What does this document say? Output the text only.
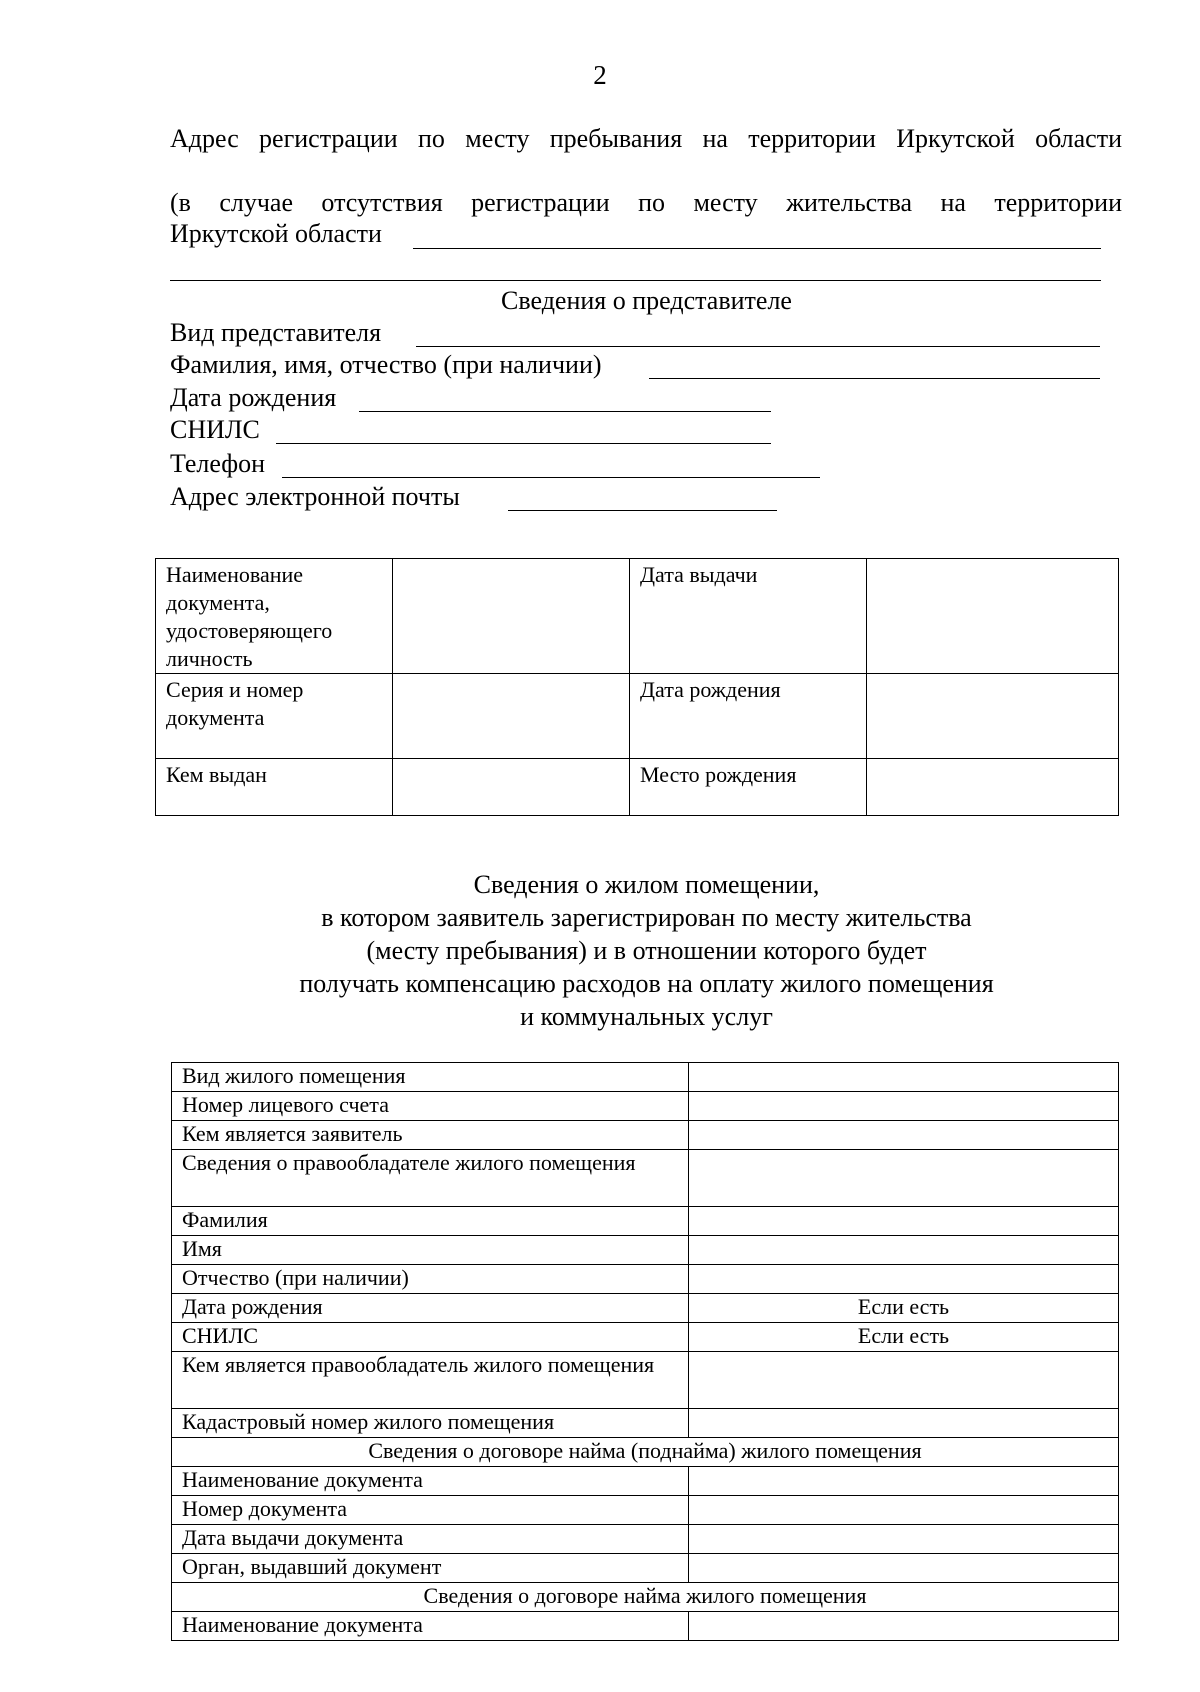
2
Адрес регистрации по месту пребывания на территории Иркутской области
(в случае отсутствия регистрации по месту жительства на территории
Иркутской области
Сведения о представителе
Вид представителя
Фамилия, имя, отчество (при наличии)
Дата рождения
СНИЛС
Телефон
Адрес электронной почты
Наименование документа, удостоверяющего личность		Дата выдачи	
Серия и номер документа		Дата рождения	
Кем выдан		Место рождения	
Сведения о жилом помещении,
в котором заявитель зарегистрирован по месту жительства
(месту пребывания) и в отношении которого будет
получать компенсацию расходов на оплату жилого помещения
и коммунальных услуг
Вид жилого помещения	
Номер лицевого счета	
Кем является заявитель	

Сведения о правообладателе жилого помещения	

Фамилия	
Имя	
Отчество (при наличии)	
Дата рождения	Если есть
СНИЛС	Если есть

Кем является правообладатель жилого помещения	

Кадастровый номер жилого помещения	
Сведения о договоре найма (поднайма) жилого помещения	
Наименование документа	
Номер документа	
Дата выдачи документа	
Орган, выдавший документ	
Сведения о договоре найма жилого помещения	
Наименование документа	
